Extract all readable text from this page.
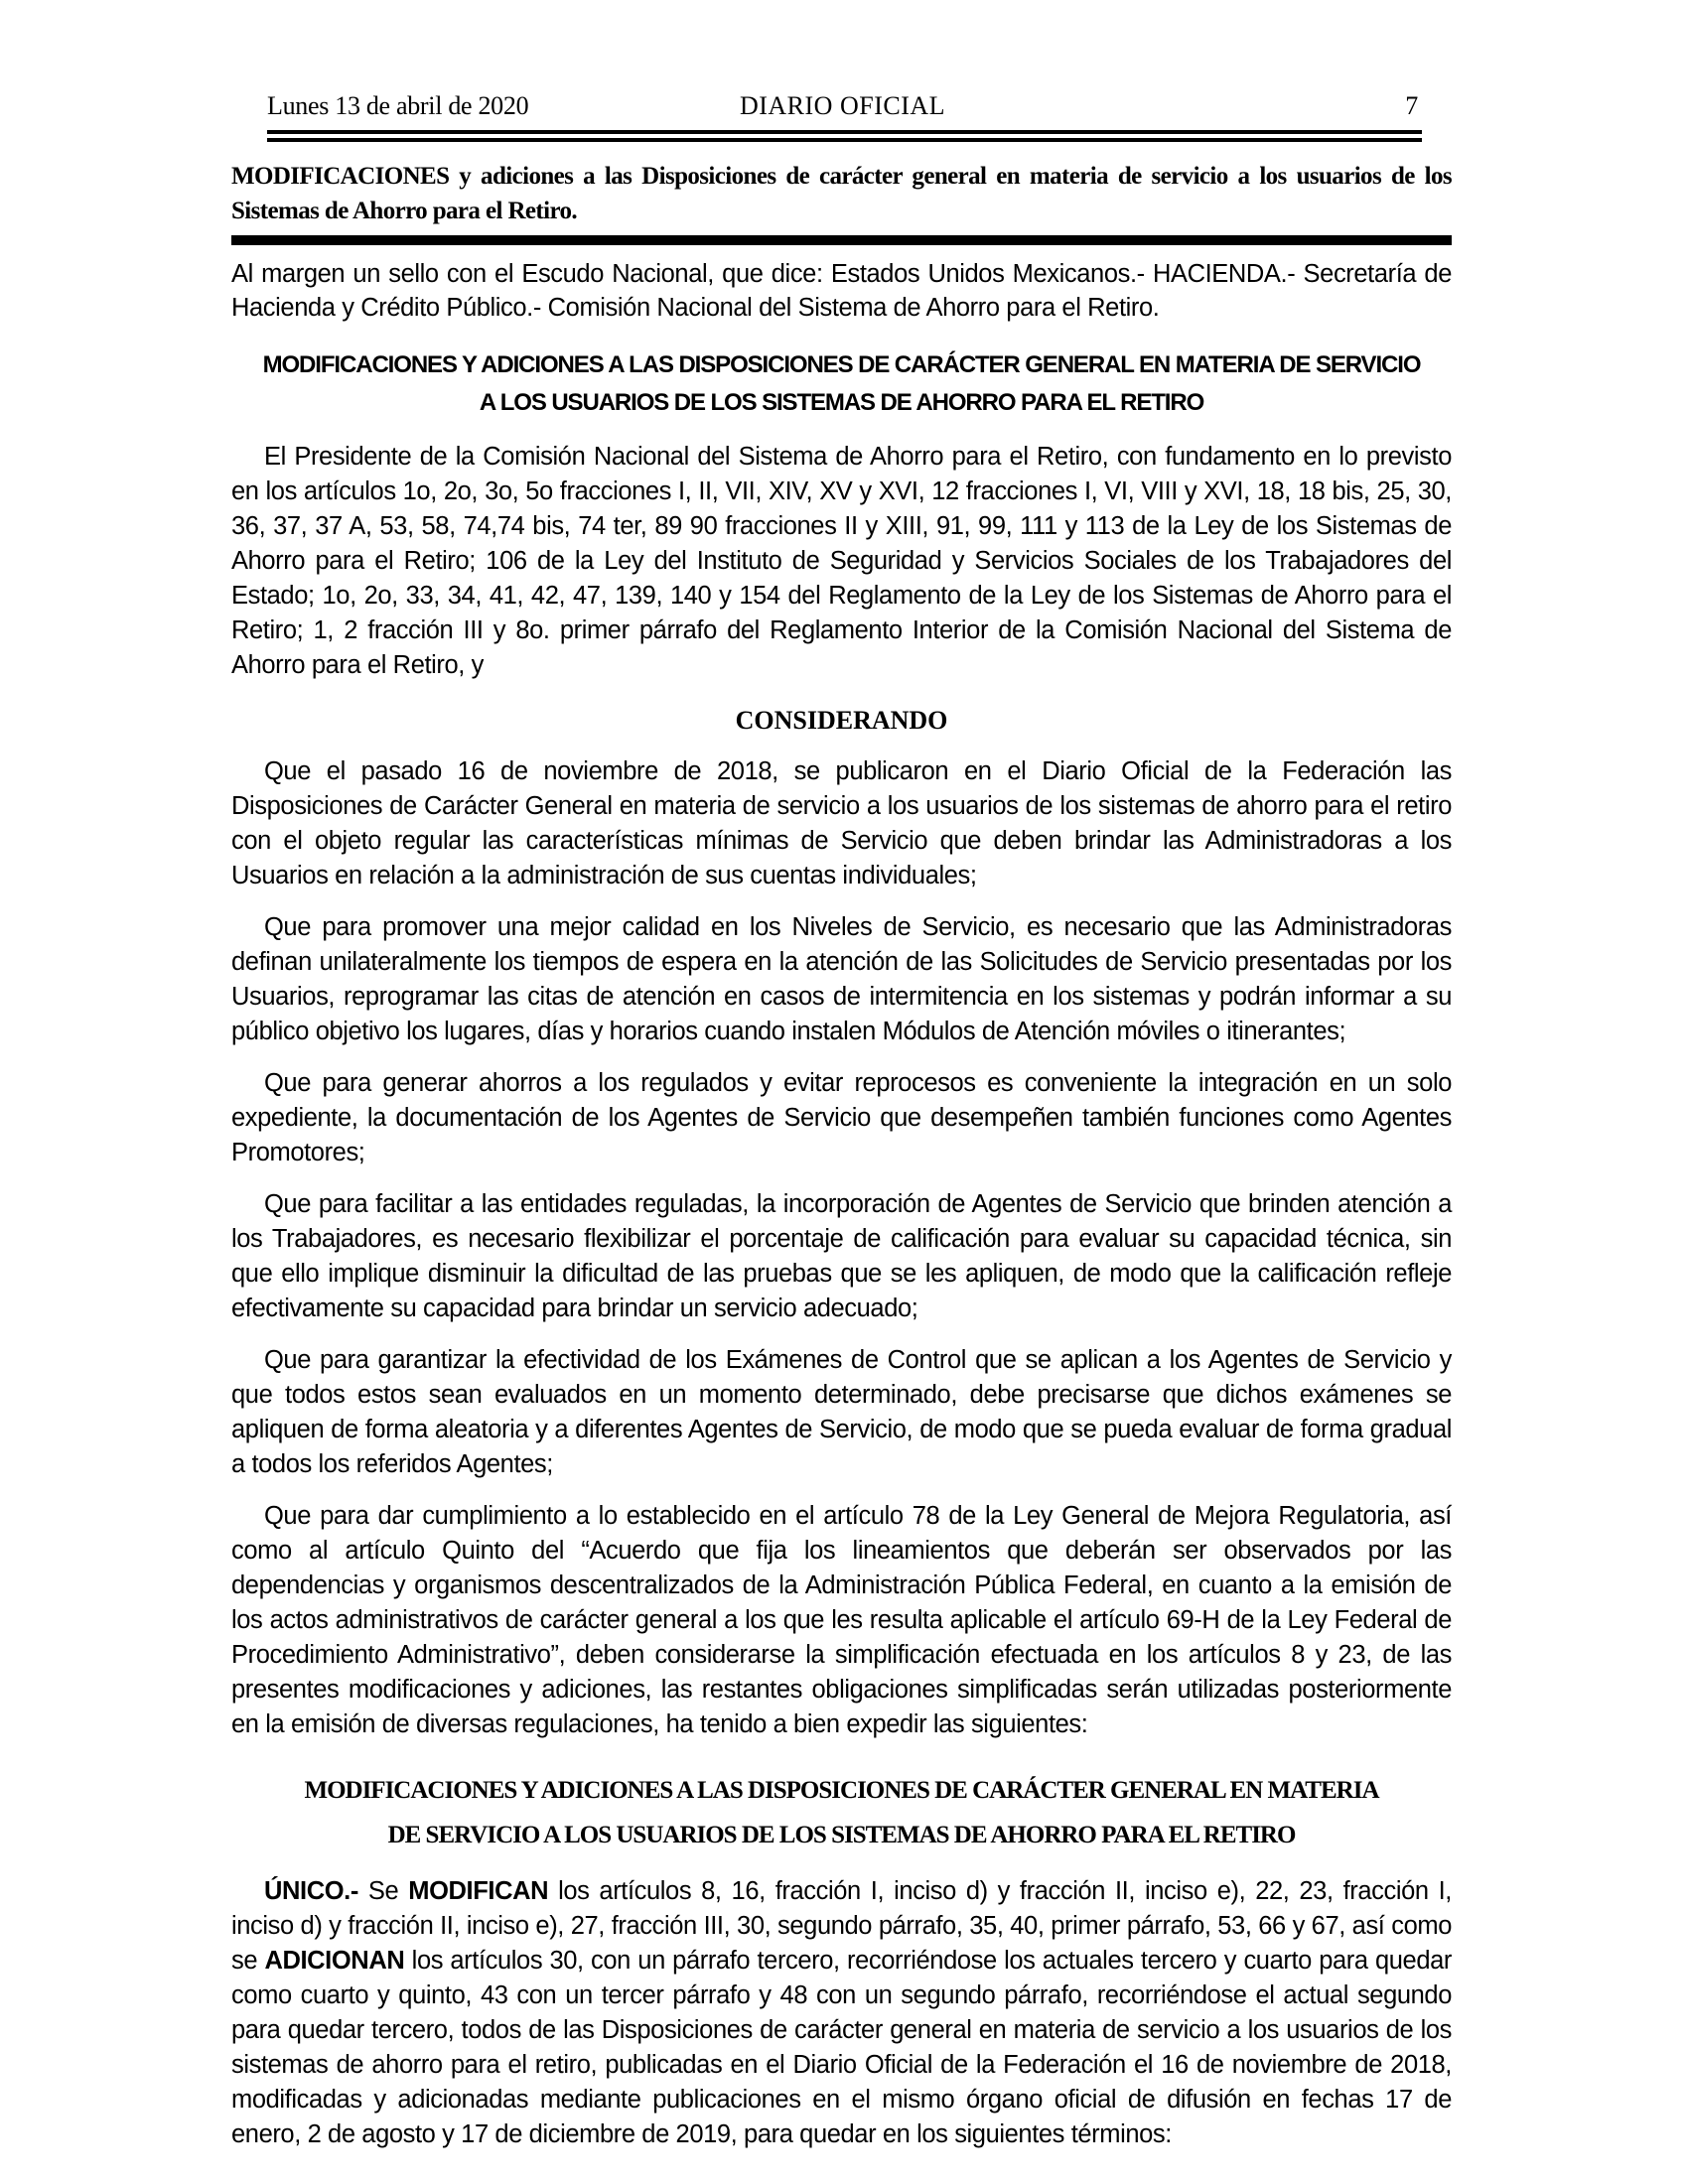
Lunes 13 de abril de 2020	DIARIO OFICIAL	7
MODIFICACIONES y adiciones a las Disposiciones de carácter general en materia de servicio a los usuarios de los Sistemas de Ahorro para el Retiro.

Al margen un sello con el Escudo Nacional, que dice: Estados Unidos Mexicanos.- HACIENDA.- Secretaría de Hacienda y Crédito Público.- Comisión Nacional del Sistema de Ahorro para el Retiro.

MODIFICACIONES Y ADICIONES A LAS DISPOSICIONES DE CARÁCTER GENERAL EN MATERIA DE SERVICIO
A LOS USUARIOS DE LOS SISTEMAS DE AHORRO PARA EL RETIRO

El Presidente de la Comisión Nacional del Sistema de Ahorro para el Retiro, con fundamento en lo previsto en los artículos 1o, 2o, 3o, 5o fracciones I, II, VII, XIV, XV y XVI, 12 fracciones I, VI, VIII y XVI, 18, 18 bis, 25, 30, 36, 37, 37 A, 53, 58, 74,74 bis, 74 ter, 89 90 fracciones II y XIII, 91, 99, 111 y 113 de la Ley de los Sistemas de Ahorro para el Retiro; 106 de la Ley del Instituto de Seguridad y Servicios Sociales de los Trabajadores del Estado; 1o, 2o, 33, 34, 41, 42, 47, 139, 140 y 154 del Reglamento de la Ley de los Sistemas de Ahorro para el Retiro; 1, 2 fracción III y 8o. primer párrafo del Reglamento Interior de la Comisión Nacional del Sistema de Ahorro para el Retiro, y

CONSIDERANDO

Que el pasado 16 de noviembre de 2018, se publicaron en el Diario Oficial de la Federación las Disposiciones de Carácter General en materia de servicio a los usuarios de los sistemas de ahorro para el retiro con el objeto regular las características mínimas de Servicio que deben brindar las Administradoras a los Usuarios en relación a la administración de sus cuentas individuales;

Que para promover una mejor calidad en los Niveles de Servicio, es necesario que las Administradoras definan unilateralmente los tiempos de espera en la atención de las Solicitudes de Servicio presentadas por los Usuarios, reprogramar las citas de atención en casos de intermitencia en los sistemas y podrán informar a su público objetivo los lugares, días y horarios cuando instalen Módulos de Atención móviles o itinerantes;

Que para generar ahorros a los regulados y evitar reprocesos es conveniente la integración en un solo expediente, la documentación de los Agentes de Servicio que desempeñen también funciones como Agentes Promotores;

Que para facilitar a las entidades reguladas, la incorporación de Agentes de Servicio que brinden atención a los Trabajadores, es necesario flexibilizar el porcentaje de calificación para evaluar su capacidad técnica, sin que ello implique disminuir la dificultad de las pruebas que se les apliquen, de modo que la calificación refleje efectivamente su capacidad para brindar un servicio adecuado;

Que para garantizar la efectividad de los Exámenes de Control que se aplican a los Agentes de Servicio y que todos estos sean evaluados en un momento determinado, debe precisarse que dichos exámenes se apliquen de forma aleatoria y a diferentes Agentes de Servicio, de modo que se pueda evaluar de forma gradual a todos los referidos Agentes;

Que para dar cumplimiento a lo establecido en el artículo 78 de la Ley General de Mejora Regulatoria, así como al artículo Quinto del “Acuerdo que fija los lineamientos que deberán ser observados por las dependencias y organismos descentralizados de la Administración Pública Federal, en cuanto a la emisión de los actos administrativos de carácter general a los que les resulta aplicable el artículo 69-H de la Ley Federal de Procedimiento Administrativo”, deben considerarse la simplificación efectuada en los artículos 8 y 23, de las presentes modificaciones y adiciones, las restantes obligaciones simplificadas serán utilizadas posteriormente en la emisión de diversas regulaciones, ha tenido a bien expedir las siguientes:

MODIFICACIONES Y ADICIONES A LAS DISPOSICIONES DE CARÁCTER GENERAL EN MATERIA
DE SERVICIO A LOS USUARIOS DE LOS SISTEMAS DE AHORRO PARA EL RETIRO

ÚNICO.- Se MODIFICAN los artículos 8, 16, fracción I, inciso d) y fracción II, inciso e), 22, 23, fracción I, inciso d) y fracción II, inciso e), 27, fracción III, 30, segundo párrafo, 35, 40, primer párrafo, 53, 66 y 67, así como se ADICIONAN los artículos 30, con un párrafo tercero, recorriéndose los actuales tercero y cuarto para quedar como cuarto y quinto, 43 con un tercer párrafo y 48 con un segundo párrafo, recorriéndose el actual segundo para quedar tercero, todos de las Disposiciones de carácter general en materia de servicio a los usuarios de los sistemas de ahorro para el retiro, publicadas en el Diario Oficial de la Federación el 16 de noviembre de 2018, modificadas y adicionadas mediante publicaciones en el mismo órgano oficial de difusión en fechas 17 de enero, 2 de agosto y 17 de diciembre de 2019, para quedar en los siguientes términos:
